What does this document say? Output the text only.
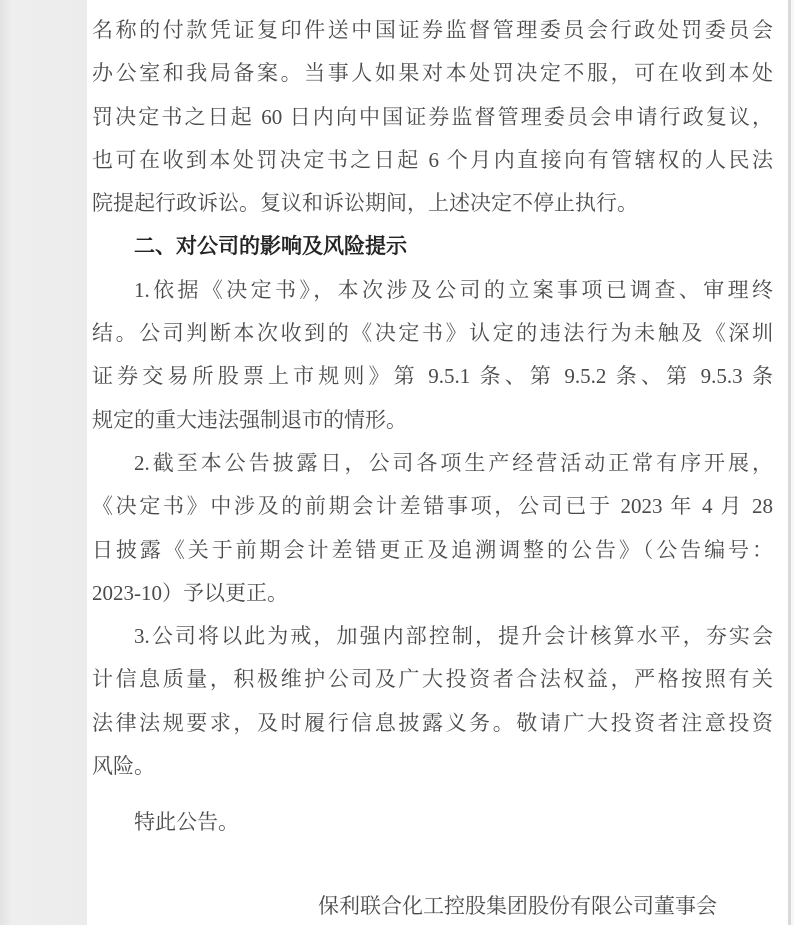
名称的付款凭证复印件送中国证券监督管理委员会行政处罚委员会
办公室和我局备案。当事人如果对本处罚决定不服，可在收到本处
罚决定书之日起 60 日内向中国证券监督管理委员会申请行政复议，
也可在收到本处罚决定书之日起 6 个月内直接向有管辖权的人民法
院提起行政诉讼。复议和诉讼期间，上述决定不停止执行。
二、对公司的影响及风险提示
1.依据《决定书》，本次涉及公司的立案事项已调查、审理终
结。公司判断本次收到的《决定书》认定的违法行为未触及《深圳
证券交易所股票上市规则》第 9.5.1 条、第 9.5.2 条、第 9.5.3 条
规定的重大违法强制退市的情形。
2.截至本公告披露日，公司各项生产经营活动正常有序开展，
《决定书》中涉及的前期会计差错事项，公司已于 2023 年 4 月 28
日披露《关于前期会计差错更正及追溯调整的公告》（公告编号：
2023-10）予以更正。
3.公司将以此为戒，加强内部控制，提升会计核算水平，夯实会
计信息质量，积极维护公司及广大投资者合法权益，严格按照有关
法律法规要求，及时履行信息披露义务。敬请广大投资者注意投资
风险。
特此公告。
保利联合化工控股集团股份有限公司董事会
